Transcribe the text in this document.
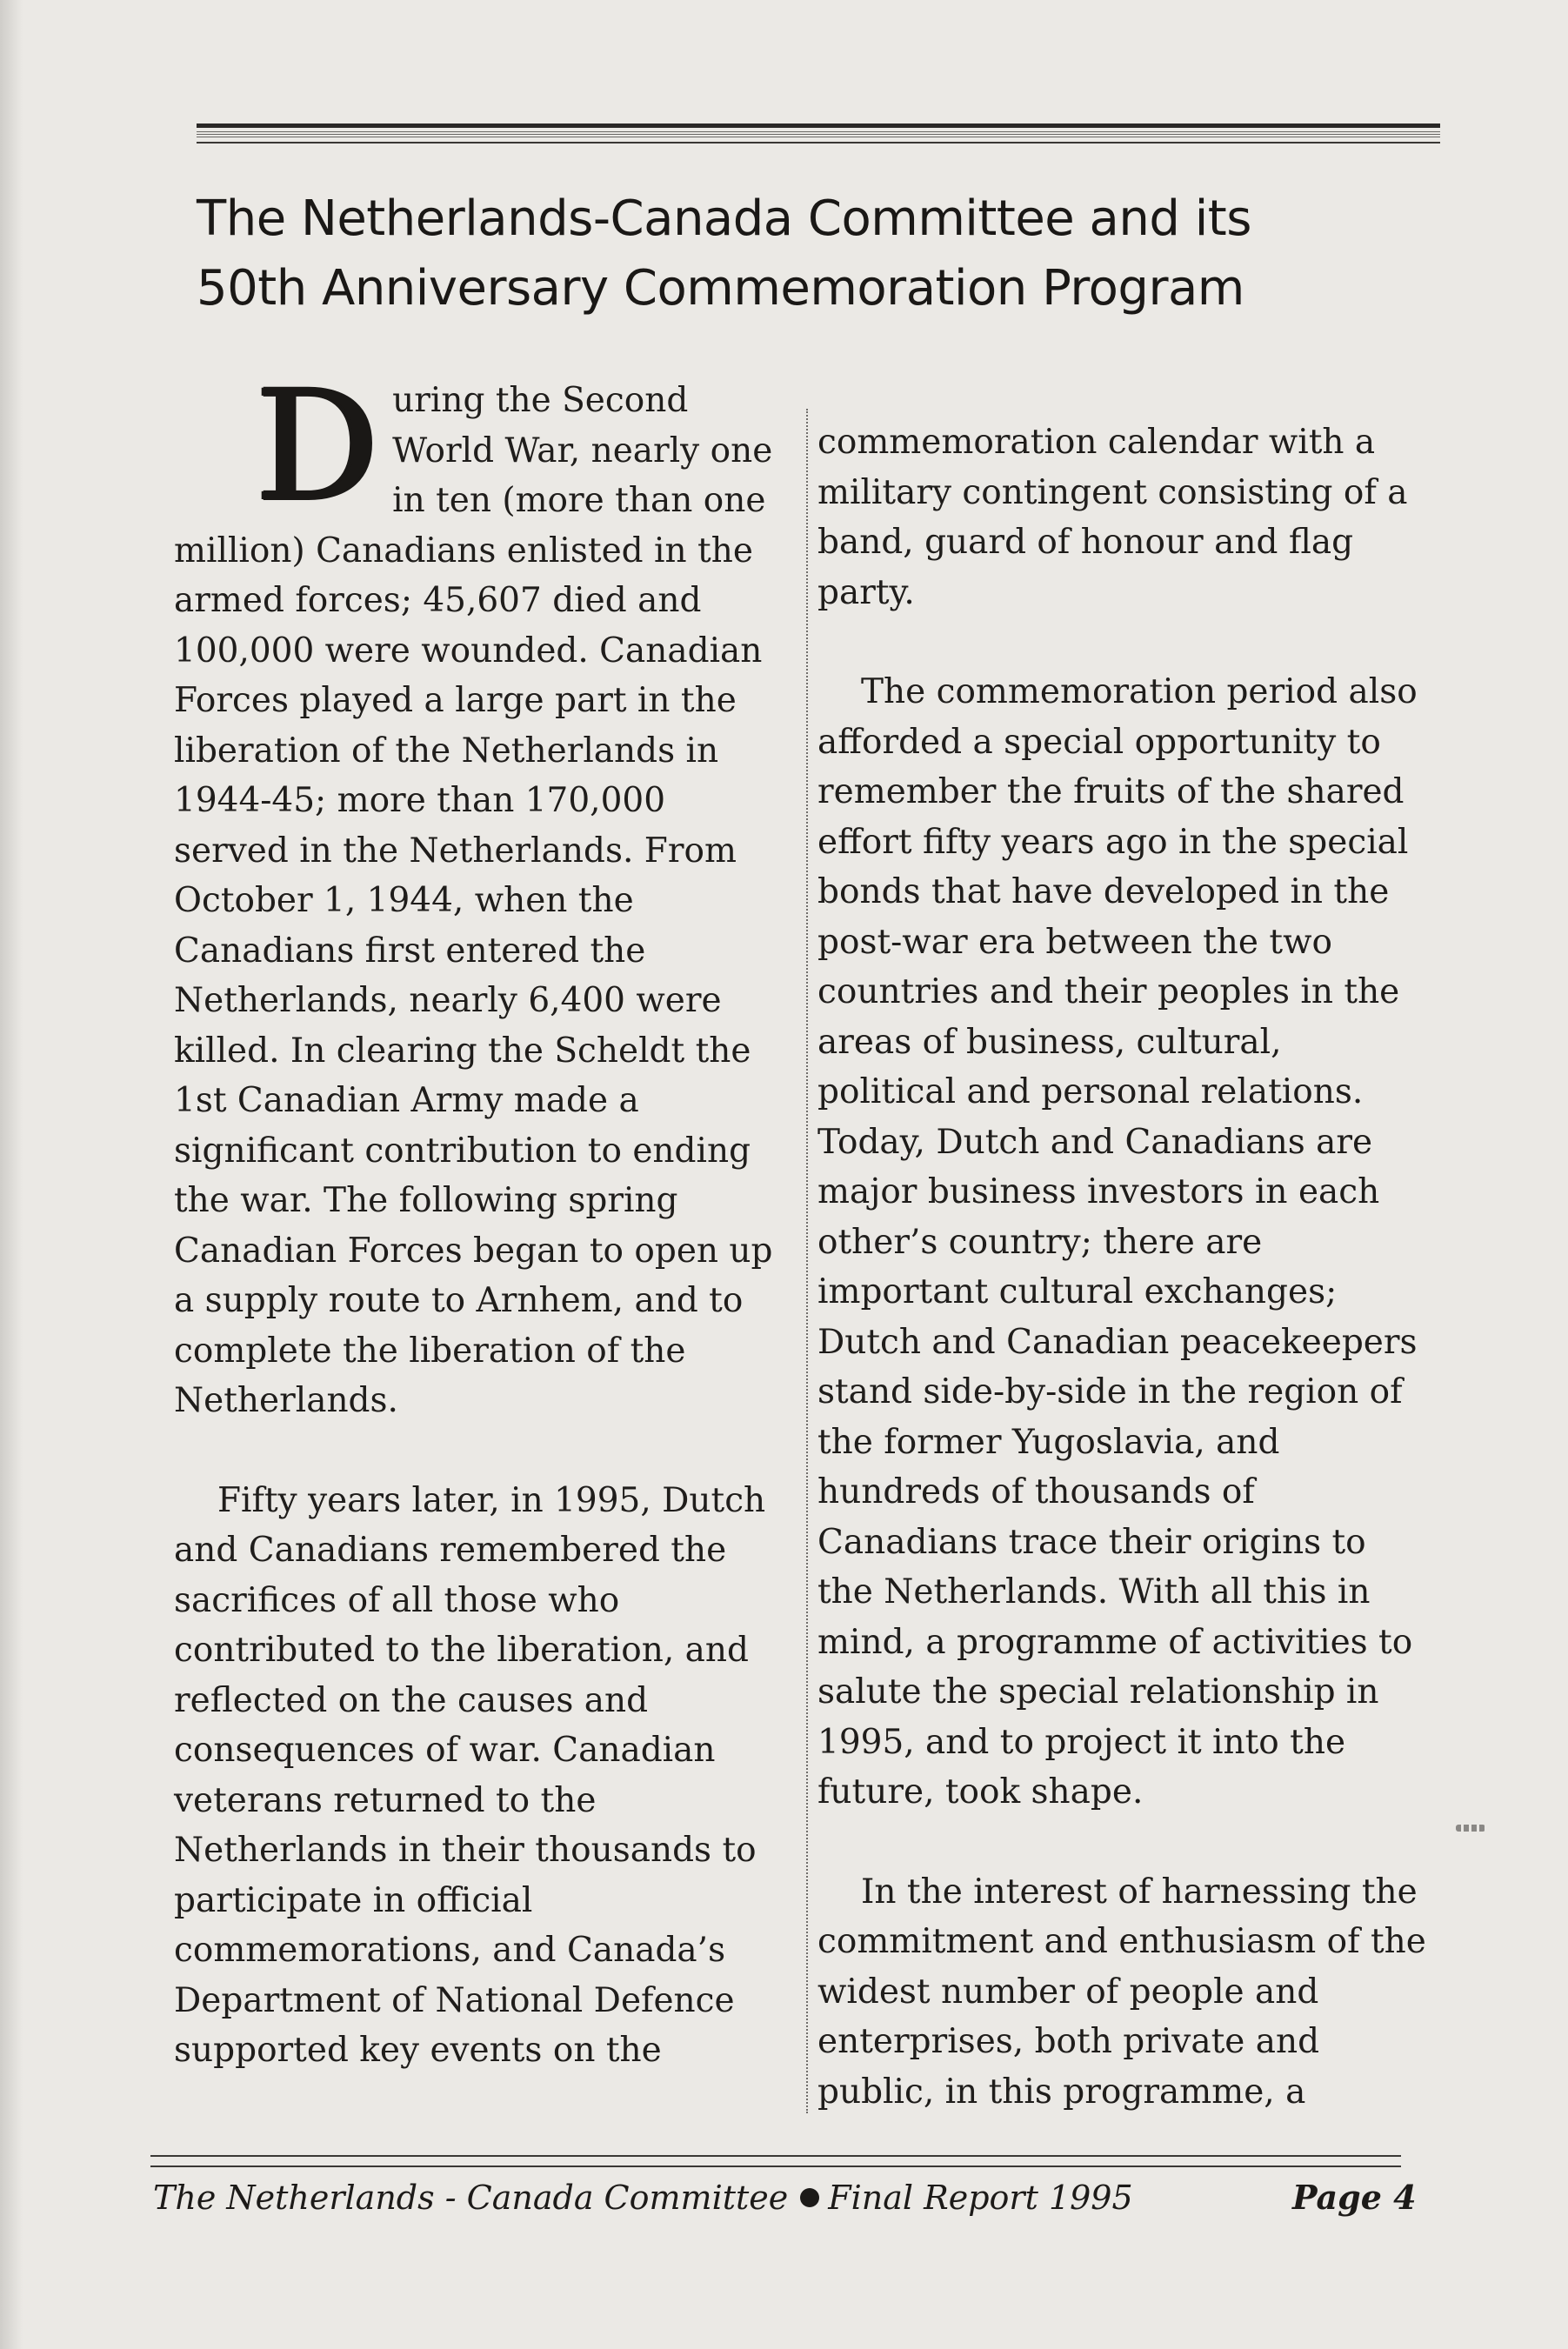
The Netherlands-Canada Committee and its
50th Anniversary Commemoration Program

During the Second World War, nearly one in ten (more than one million) Canadians enlisted in the armed forces; 45,607 died and 100,000 were wounded. Canadian Forces played a large part in the liberation of the Netherlands in 1944-45; more than 170,000 served in the Netherlands. From October 1, 1944, when the Canadians first entered the Netherlands, nearly 6,400 were killed. In clearing the Scheldt the 1st Canadian Army made a significant contribution to ending the war. The following spring Canadian Forces began to open up a supply route to Arnhem, and to complete the liberation of the Netherlands.

Fifty years later, in 1995, Dutch and Canadians remembered the sacrifices of all those who contributed to the liberation, and reflected on the causes and consequences of war. Canadian veterans returned to the Netherlands in their thousands to participate in official commemorations, and Canada’s Department of National Defence supported key events on the

commemoration calendar with a military contingent consisting of a band, guard of honour and flag party.

The commemoration period also afforded a special opportunity to remember the fruits of the shared effort fifty years ago in the special bonds that have developed in the post-war era between the two countries and their peoples in the areas of business, cultural, political and personal relations. Today, Dutch and Canadians are major business investors in each other’s country; there are important cultural exchanges; Dutch and Canadian peacekeepers stand side-by-side in the region of the former Yugoslavia, and hundreds of thousands of Canadians trace their origins to the Netherlands. With all this in mind, a programme of activities to salute the special relationship in 1995, and to project it into the future, took shape.

In the interest of harnessing the commitment and enthusiasm of the widest number of people and enterprises, both private and public, in this programme, a

The Netherlands - Canada Committee Final Report 1995	Page 4
